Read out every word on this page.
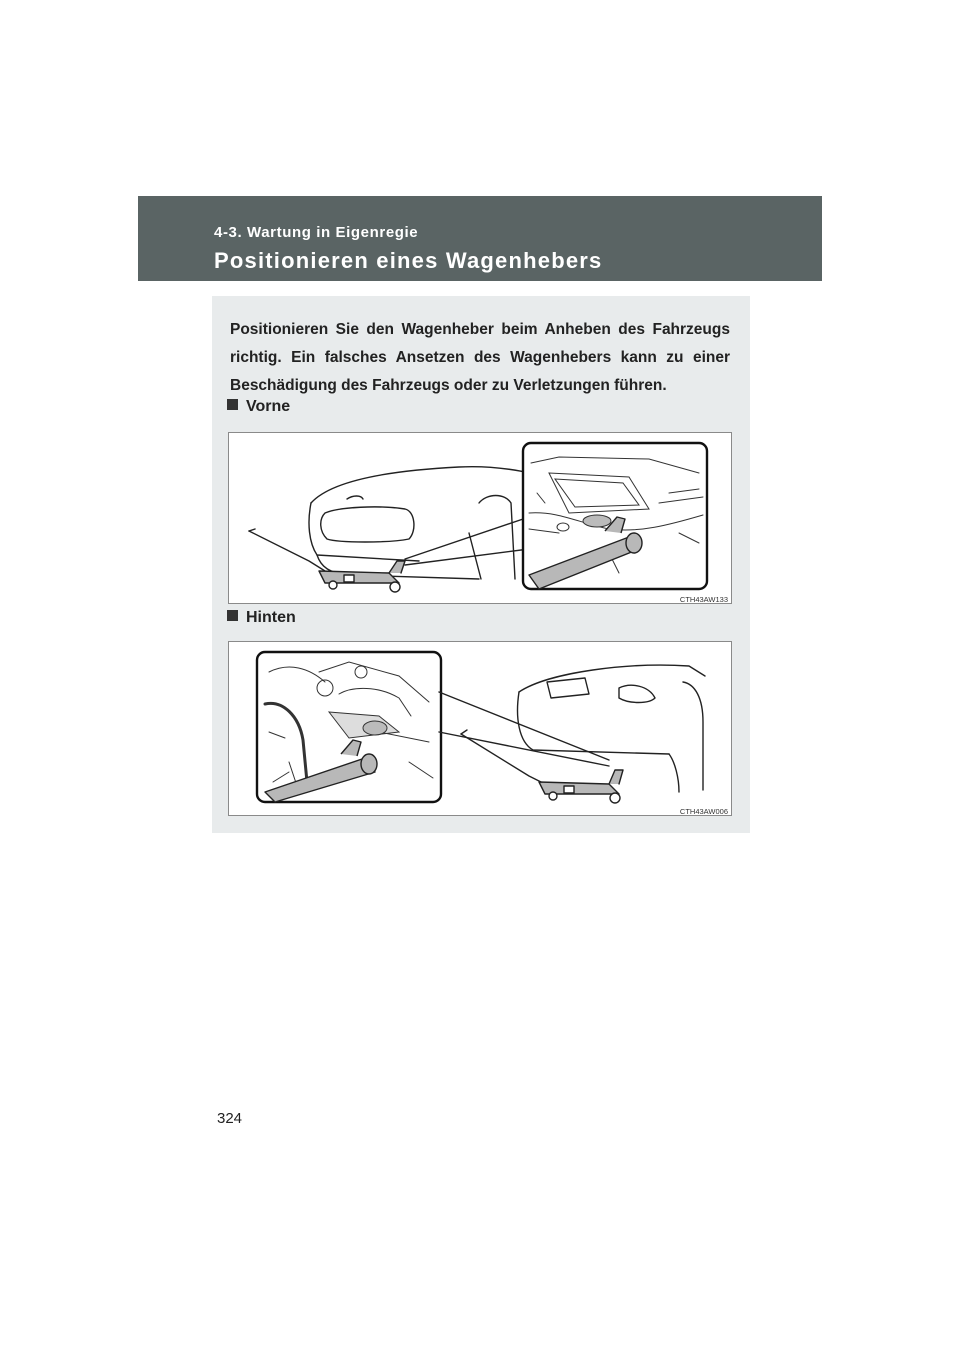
4-3. Wartung in Eigenregie
Positionieren eines Wagenhebers

Positionieren Sie den Wagenheber beim Anheben des Fahrzeugs richtig. Ein falsches Ansetzen des Wagenhebers kann zu einer Beschädigung des Fahrzeugs oder zu Verletzungen führen.

Vorne
CTH43AW133
Hinten
CTH43AW006
324
